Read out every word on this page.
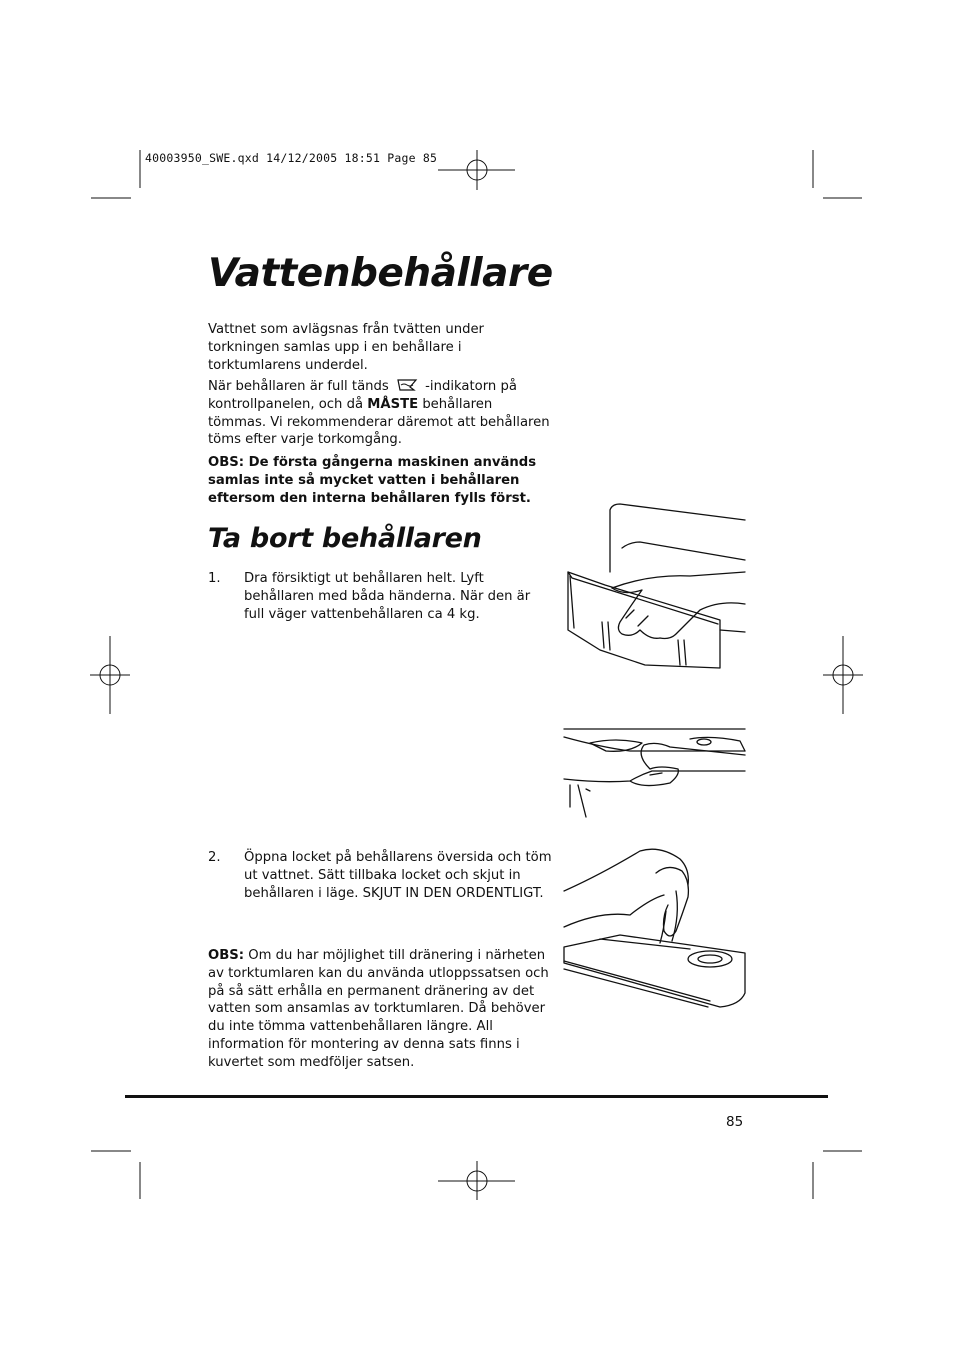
40003950_SWE.qxd 14/12/2005 18:51 Page 85
Vattenbehållare

Vattnet som avlägsnas från tvätten under torkningen samlas upp i en behållare i torktumlarens underdel.

När behållaren är full tänds	-indikatorn på kontrollpanelen, och då MÅSTE behållaren tömmas. Vi rekommenderar däremot att behållaren töms efter varje torkomgång.

OBS: De första gångerna maskinen används samlas inte så mycket vatten i behållaren eftersom den interna behållaren fylls först.

Ta bort behållaren
1.	Dra försiktigt ut behållaren helt. Lyft behållaren med båda händerna. När den är full väger vattenbehållaren ca 4 kg.
2.	Öppna locket på behållarens översida och töm ut vattnet. Sätt tillbaka locket och skjut in behållaren i läge. SKJUT IN DEN ORDENTLIGT.

OBS: Om du har möjlighet till dränering i närheten av torktumlaren kan du använda utloppssatsen och på så sätt erhålla en permanent dränering av det vatten som ansamlas av torktumlaren. Då behöver du inte tömma vattenbehållaren längre. All information för montering av denna sats finns i kuvertet som medföljer satsen.

85
